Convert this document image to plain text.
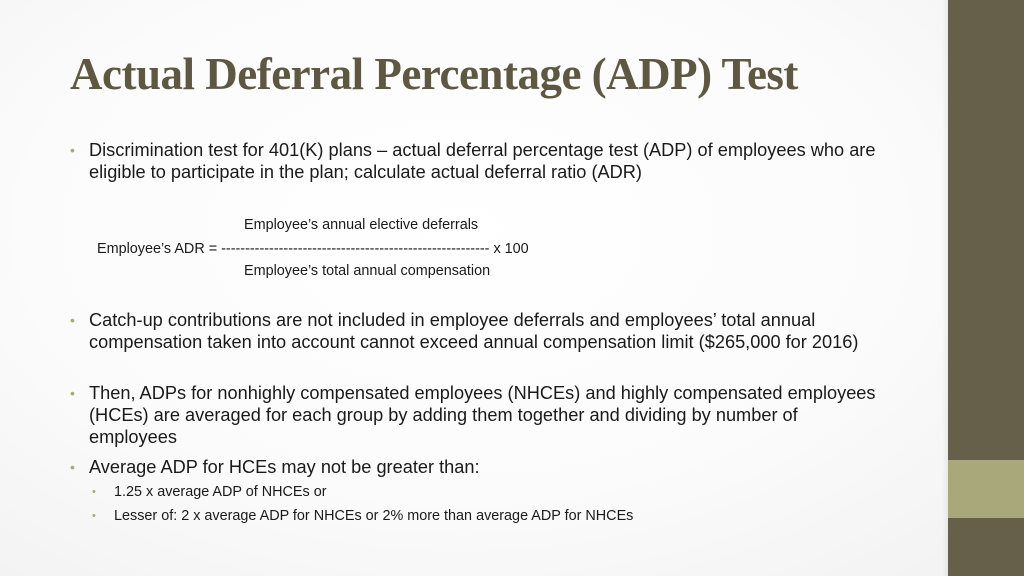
Actual Deferral Percentage (ADP) Test
• Discrimination test for 401(K) plans – actual deferral percentage test (ADP) of employees who are eligible to participate in the plan; calculate actual deferral ratio (ADR)
Employee’s annual elective deferrals
Employee’s ADR = -------------------------------------------------------- x 100
Employee’s total annual compensation
• Catch-up contributions are not included in employee deferrals and employees’ total annual compensation taken into account cannot exceed annual compensation limit ($265,000 for 2016)
• Then, ADPs for nonhighly compensated employees (NHCEs) and highly compensated employees (HCEs) are averaged for each group by adding them together and dividing by number of employees
• Average ADP for HCEs may not be greater than:
• 1.25 x average ADP of NHCEs or
• Lesser of: 2 x average ADP for NHCEs or 2% more than average ADP for NHCEs
